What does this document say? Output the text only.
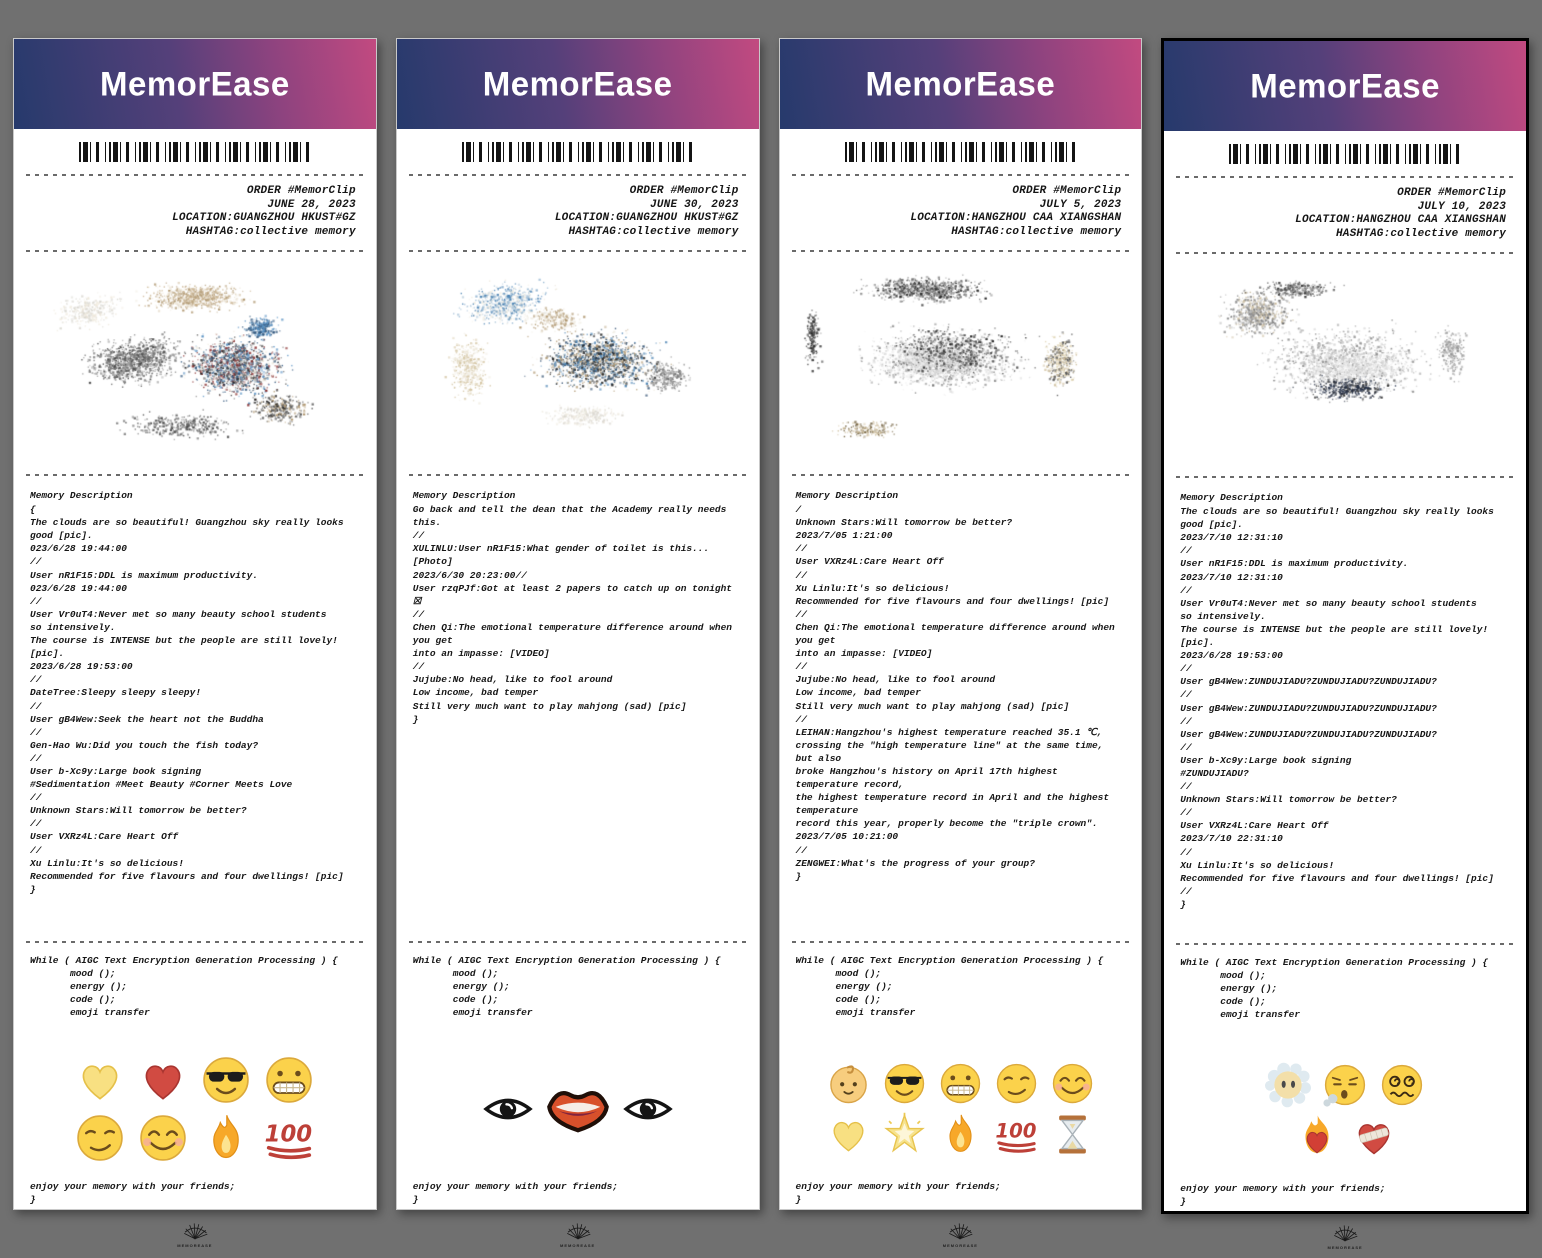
MemorEase
ORDER #MemorClip
JUNE 28, 2023
LOCATION:GUANGZHOU HKUST#GZ
HASHTAG:collective memory
Memory Description
{
The clouds are so beautiful! Guangzhou sky really looks good [pic].
023/6/28 19:44:00
//
User nR1F15:DDL is maximum productivity.
023/6/28 19:44:00
//
User Vr0uT4:Never met so many beauty school students
so intensively.
The course is INTENSE but the people are still lovely! [pic].
2023/6/28 19:53:00
//
DateTree:Sleepy sleepy sleepy!
//
User gB4Wew:Seek the heart not the Buddha
//
Gen-Hao Wu:Did you touch the fish today?
//
User b-Xc9y:Large book signing
#Sedimentation #Meet Beauty #Corner Meets Love
//
Unknown Stars:Will tomorrow be better?
//
User VXRz4L:Care Heart Off
//
Xu Linlu:It's so delicious!
Recommended for five flavours and four dwellings! [pic]
}
While ( AIGC Text Encryption Generation Processing ) {
mood ();
energy ();
code ();
emoji transfer
100
enjoy your memory with your friends;
}
MEMOREASE
MemorEase
ORDER #MemorClip
JUNE 30, 2023
LOCATION:GUANGZHOU HKUST#GZ
HASHTAG:collective memory
Memory Description
Go back and tell the dean that the Academy really needs this.
//
XULINLU:User nR1F15:What gender of toilet is this... [Photo]
2023/6/30 20:23:00//
User rzqPJf:Got at least 2 papers to catch up on tonight ☒
//
Chen Qi:The emotional temperature difference around when you get
into an impasse: [VIDEO]
//
Jujube:No head, like to fool around
Low income, bad temper
Still very much want to play mahjong (sad) [pic]
}
While ( AIGC Text Encryption Generation Processing ) {
mood ();
energy ();
code ();
emoji transfer
enjoy your memory with your friends;
}
MEMOREASE
MemorEase
ORDER #MemorClip
JULY 5, 2023
LOCATION:HANGZHOU CAA XIANGSHAN
HASHTAG:collective memory
Memory Description
/
Unknown Stars:Will tomorrow be better?
2023/7/05 1:21:00
//
User VXRz4L:Care Heart Off
//
Xu Linlu:It's so delicious!
Recommended for five flavours and four dwellings! [pic]
//
Chen Qi:The emotional temperature difference around when you get
into an impasse: [VIDEO]
//
Jujube:No head, like to fool around
Low income, bad temper
Still very much want to play mahjong (sad) [pic]
//
LEIHAN:Hangzhou's highest temperature reached 35.1 ℃,
crossing the "high temperature line" at the same time, but also
broke Hangzhou's history on April 17th highest temperature record,
the highest temperature record in April and the highest temperature
record this year, properly become the "triple crown".
2023/7/05 10:21:00
//
ZENGWEI:What's the progress of your group?
}
While ( AIGC Text Encryption Generation Processing ) {
mood ();
energy ();
code ();
emoji transfer
100
enjoy your memory with your friends;
}
MEMOREASE
MemorEase
ORDER #MemorClip
JULY 10, 2023
LOCATION:HANGZHOU CAA XIANGSHAN
HASHTAG:collective memory
Memory Description
The clouds are so beautiful! Guangzhou sky really looks good [pic].
2023/7/10 12:31:10
//
User nR1F15:DDL is maximum productivity.
2023/7/10 12:31:10
//
User Vr0uT4:Never met so many beauty school students
so intensively.
The course is INTENSE but the people are still lovely! [pic].
2023/6/28 19:53:00
//
User gB4Wew:ZUNDUJIADU?ZUNDUJIADU?ZUNDUJIADU?
//
User gB4Wew:ZUNDUJIADU?ZUNDUJIADU?ZUNDUJIADU?
//
User gB4Wew:ZUNDUJIADU?ZUNDUJIADU?ZUNDUJIADU?
//
User b-Xc9y:Large book signing
#ZUNDUJIADU?
//
Unknown Stars:Will tomorrow be better?
//
User VXRz4L:Care Heart Off
2023/7/10 22:31:10
//
Xu Linlu:It's so delicious!
Recommended for five flavours and four dwellings! [pic]
//
}
While ( AIGC Text Encryption Generation Processing ) {
mood ();
energy ();
code ();
emoji transfer
enjoy your memory with your friends;
}
MEMOREASE
